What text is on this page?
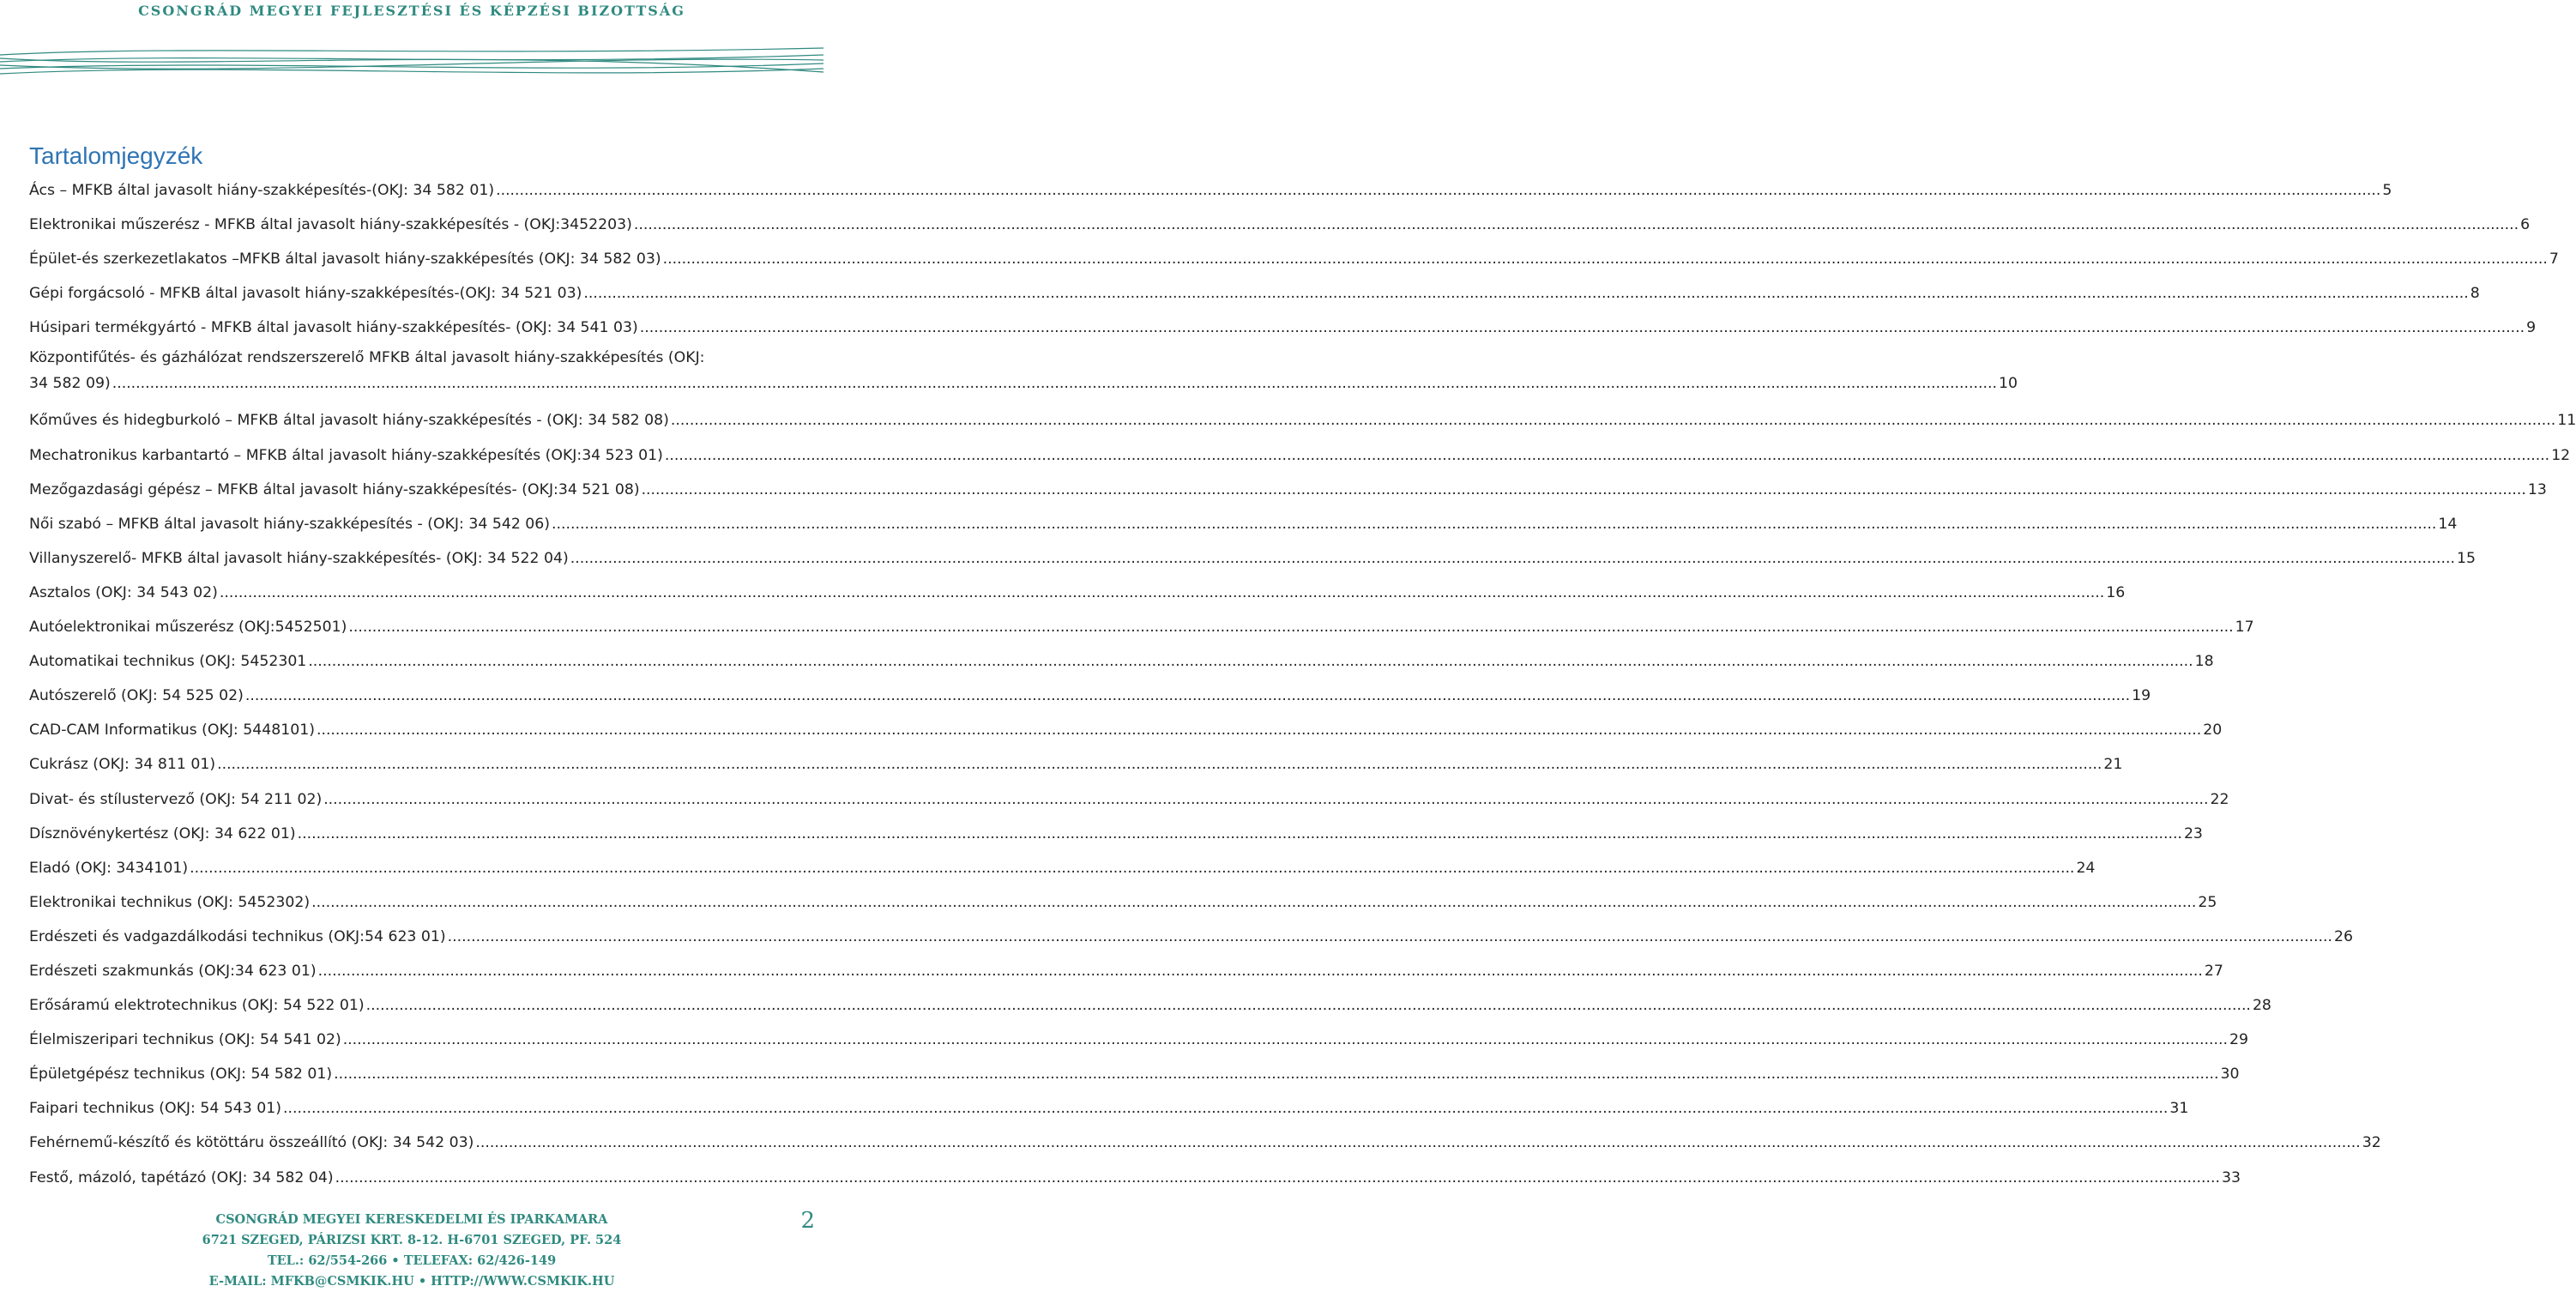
CSONGRÁD MEGYEI FEJLESZTÉSI ÉS KÉPZÉSI BIZOTTSÁG
Tartalomjegyzék
Ács – MFKB által javasolt hiány-szakképesítés-(OKJ: 34 582 01) ................................................................................................................................................................................................................................................................................................................................................................................................................ 5
Elektronikai műszerész - MFKB által javasolt hiány-szakképesítés - (OKJ:3452203) ................................................................................................................................................................................................................................................................................................................................................................................................................ 6
Épület-és szerkezetlakatos –MFKB által javasolt hiány-szakképesítés (OKJ: 34 582 03) ................................................................................................................................................................................................................................................................................................................................................................................................................ 7
Gépi forgácsoló - MFKB által javasolt hiány-szakképesítés-(OKJ: 34 521 03) ................................................................................................................................................................................................................................................................................................................................................................................................................ 8
Húsipari termékgyártó - MFKB által javasolt hiány-szakképesítés- (OKJ: 34 541 03) ................................................................................................................................................................................................................................................................................................................................................................................................................ 9
Központifűtés- és gázhálózat rendszerszerelő MFKB által javasolt hiány-szakképesítés (OKJ:
34 582 09) ................................................................................................................................................................................................................................................................................................................................................................................................................ 10
Kőműves és hidegburkoló – MFKB által javasolt hiány-szakképesítés - (OKJ: 34 582 08) ................................................................................................................................................................................................................................................................................................................................................................................................................ 11
Mechatronikus karbantartó – MFKB által javasolt hiány-szakképesítés (OKJ:34 523 01) ................................................................................................................................................................................................................................................................................................................................................................................................................ 12
Mezőgazdasági gépész – MFKB által javasolt hiány-szakképesítés- (OKJ:34 521 08) ................................................................................................................................................................................................................................................................................................................................................................................................................ 13
Női szabó – MFKB által javasolt hiány-szakképesítés - (OKJ: 34 542 06) ................................................................................................................................................................................................................................................................................................................................................................................................................ 14
Villanyszerelő- MFKB által javasolt hiány-szakképesítés- (OKJ: 34 522 04) ................................................................................................................................................................................................................................................................................................................................................................................................................ 15
Asztalos (OKJ: 34 543 02) ................................................................................................................................................................................................................................................................................................................................................................................................................ 16
Autóelektronikai műszerész (OKJ:5452501) ................................................................................................................................................................................................................................................................................................................................................................................................................ 17
Automatikai technikus (OKJ: 5452301 ................................................................................................................................................................................................................................................................................................................................................................................................................ 18
Autószerelő (OKJ: 54 525 02) ................................................................................................................................................................................................................................................................................................................................................................................................................ 19
CAD-CAM Informatikus (OKJ: 5448101) ................................................................................................................................................................................................................................................................................................................................................................................................................ 20
Cukrász (OKJ: 34 811 01) ................................................................................................................................................................................................................................................................................................................................................................................................................ 21
Divat- és stílustervező (OKJ: 54 211 02) ................................................................................................................................................................................................................................................................................................................................................................................................................ 22
Dísznövénykertész (OKJ: 34 622 01) ................................................................................................................................................................................................................................................................................................................................................................................................................ 23
Eladó (OKJ: 3434101) ................................................................................................................................................................................................................................................................................................................................................................................................................ 24
Elektronikai technikus (OKJ: 5452302) ................................................................................................................................................................................................................................................................................................................................................................................................................ 25
Erdészeti és vadgazdálkodási technikus (OKJ:54 623 01) ................................................................................................................................................................................................................................................................................................................................................................................................................ 26
Erdészeti szakmunkás (OKJ:34 623 01) ................................................................................................................................................................................................................................................................................................................................................................................................................ 27
Erősáramú elektrotechnikus (OKJ: 54 522 01) ................................................................................................................................................................................................................................................................................................................................................................................................................ 28
Élelmiszeripari technikus (OKJ: 54 541 02) ................................................................................................................................................................................................................................................................................................................................................................................................................ 29
Épületgépész technikus (OKJ: 54 582 01) ................................................................................................................................................................................................................................................................................................................................................................................................................ 30
Faipari technikus (OKJ: 54 543 01) ................................................................................................................................................................................................................................................................................................................................................................................................................ 31
Fehérnemű-készítő és kötöttáru összeállító (OKJ: 34 542 03) ................................................................................................................................................................................................................................................................................................................................................................................................................ 32
Festő, mázoló, tapétázó (OKJ: 34 582 04) ................................................................................................................................................................................................................................................................................................................................................................................................................ 33
CSONGRÁD MEGYEI KERESKEDELMI ÉS IPARKAMARA
6721 SZEGED, PÁRIZSI KRT. 8-12. H-6701 SZEGED, PF. 524
TEL.: 62/554-266 • TELEFAX: 62/426-149
E-MAIL: MFKB@CSMKIK.HU • HTTP://WWW.CSMKIK.HU
2
